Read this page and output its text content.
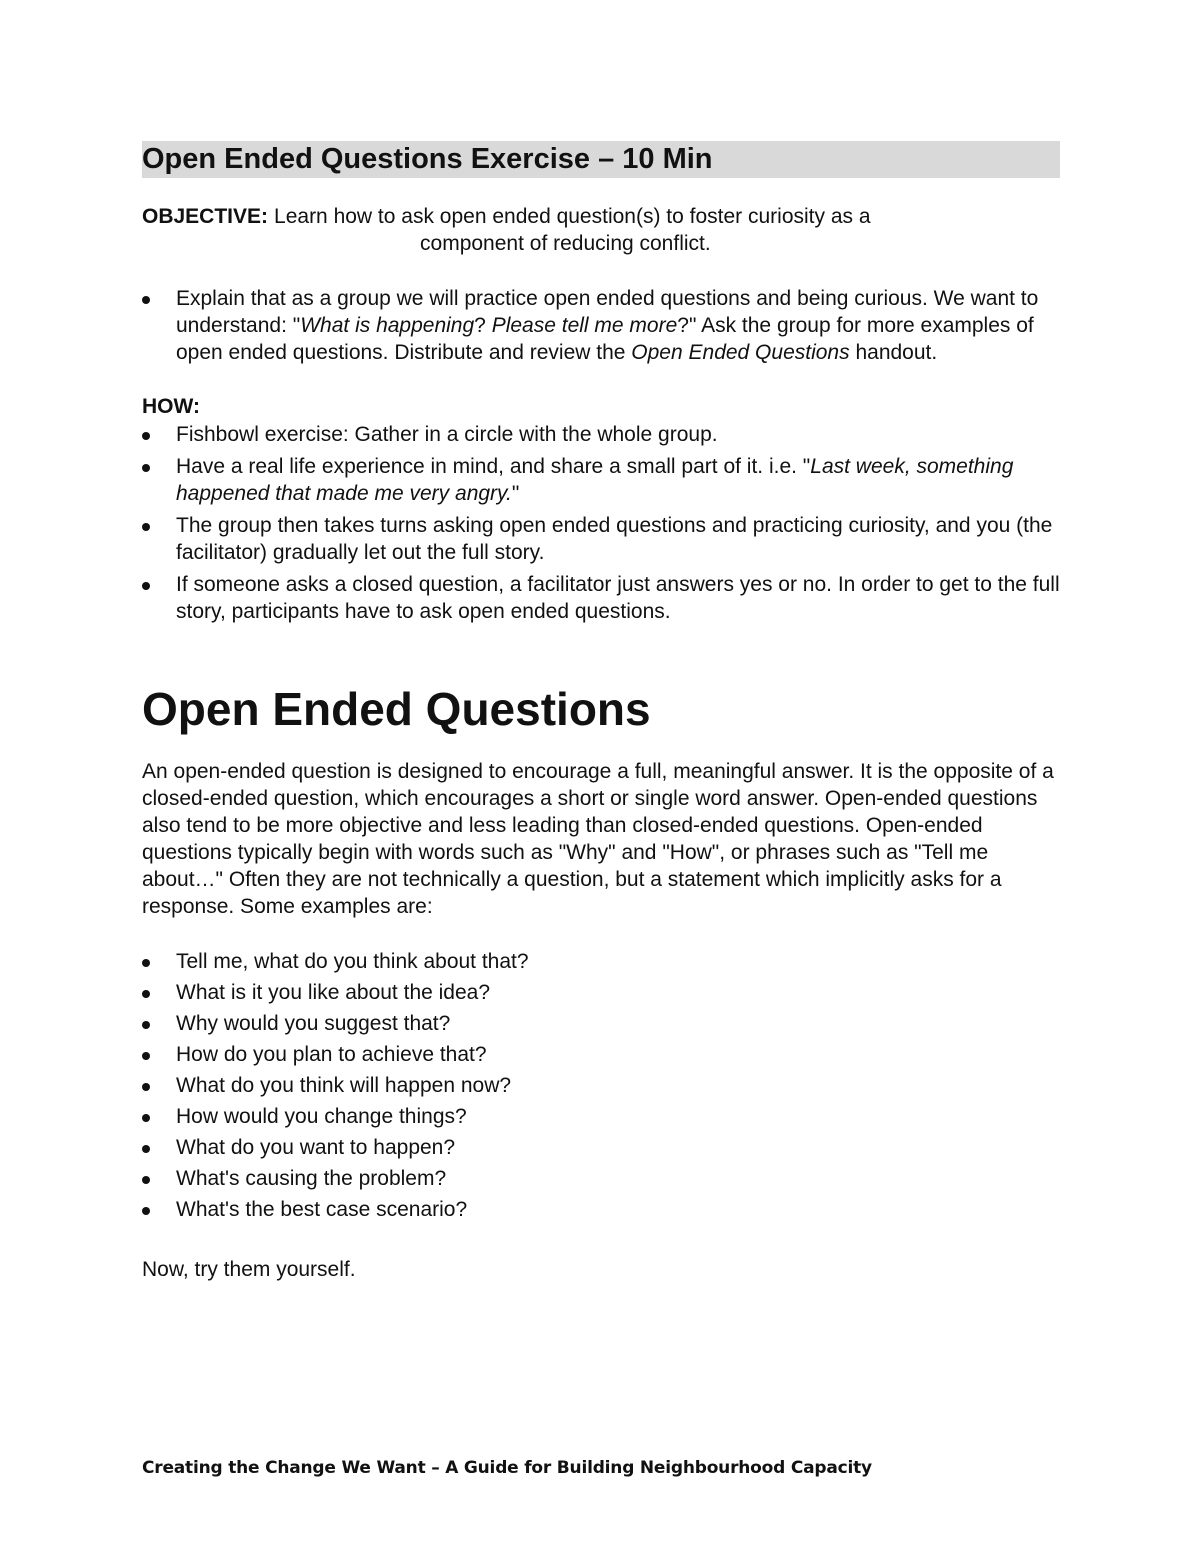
Open Ended Questions Exercise – 10 Min

OBJECTIVE: Learn how to ask open ended question(s) to foster curiosity as a
component of reducing conflict.

Explain that as a group we will practice open ended questions and being curious. We want to understand: "What is happening? Please tell me more?" Ask the group for more examples of open ended questions. Distribute and review the Open Ended Questions handout.

HOW:

Fishbowl exercise: Gather in a circle with the whole group.
Have a real life experience in mind, and share a small part of it. i.e. "Last week, something happened that made me very angry."
The group then takes turns asking open ended questions and practicing curiosity, and you (the facilitator) gradually let out the full story.
If someone asks a closed question, a facilitator just answers yes or no. In order to get to the full story, participants have to ask open ended questions.
Open Ended Questions

An open-ended question is designed to encourage a full, meaningful answer. It is the opposite of a closed-ended question, which encourages a short or single word answer. Open-ended questions also tend to be more objective and less leading than closed-ended questions. Open-ended questions typically begin with words such as "Why" and "How", or phrases such as "Tell me about…" Often they are not technically a question, but a statement which implicitly asks for a response. Some examples are:

Tell me, what do you think about that?
What is it you like about the idea?
Why would you suggest that?
How do you plan to achieve that?
What do you think will happen now?
How would you change things?
What do you want to happen?
What's causing the problem?
What's the best case scenario?

Now, try them yourself.

Creating the Change We Want – A Guide for Building Neighbourhood Capacity
